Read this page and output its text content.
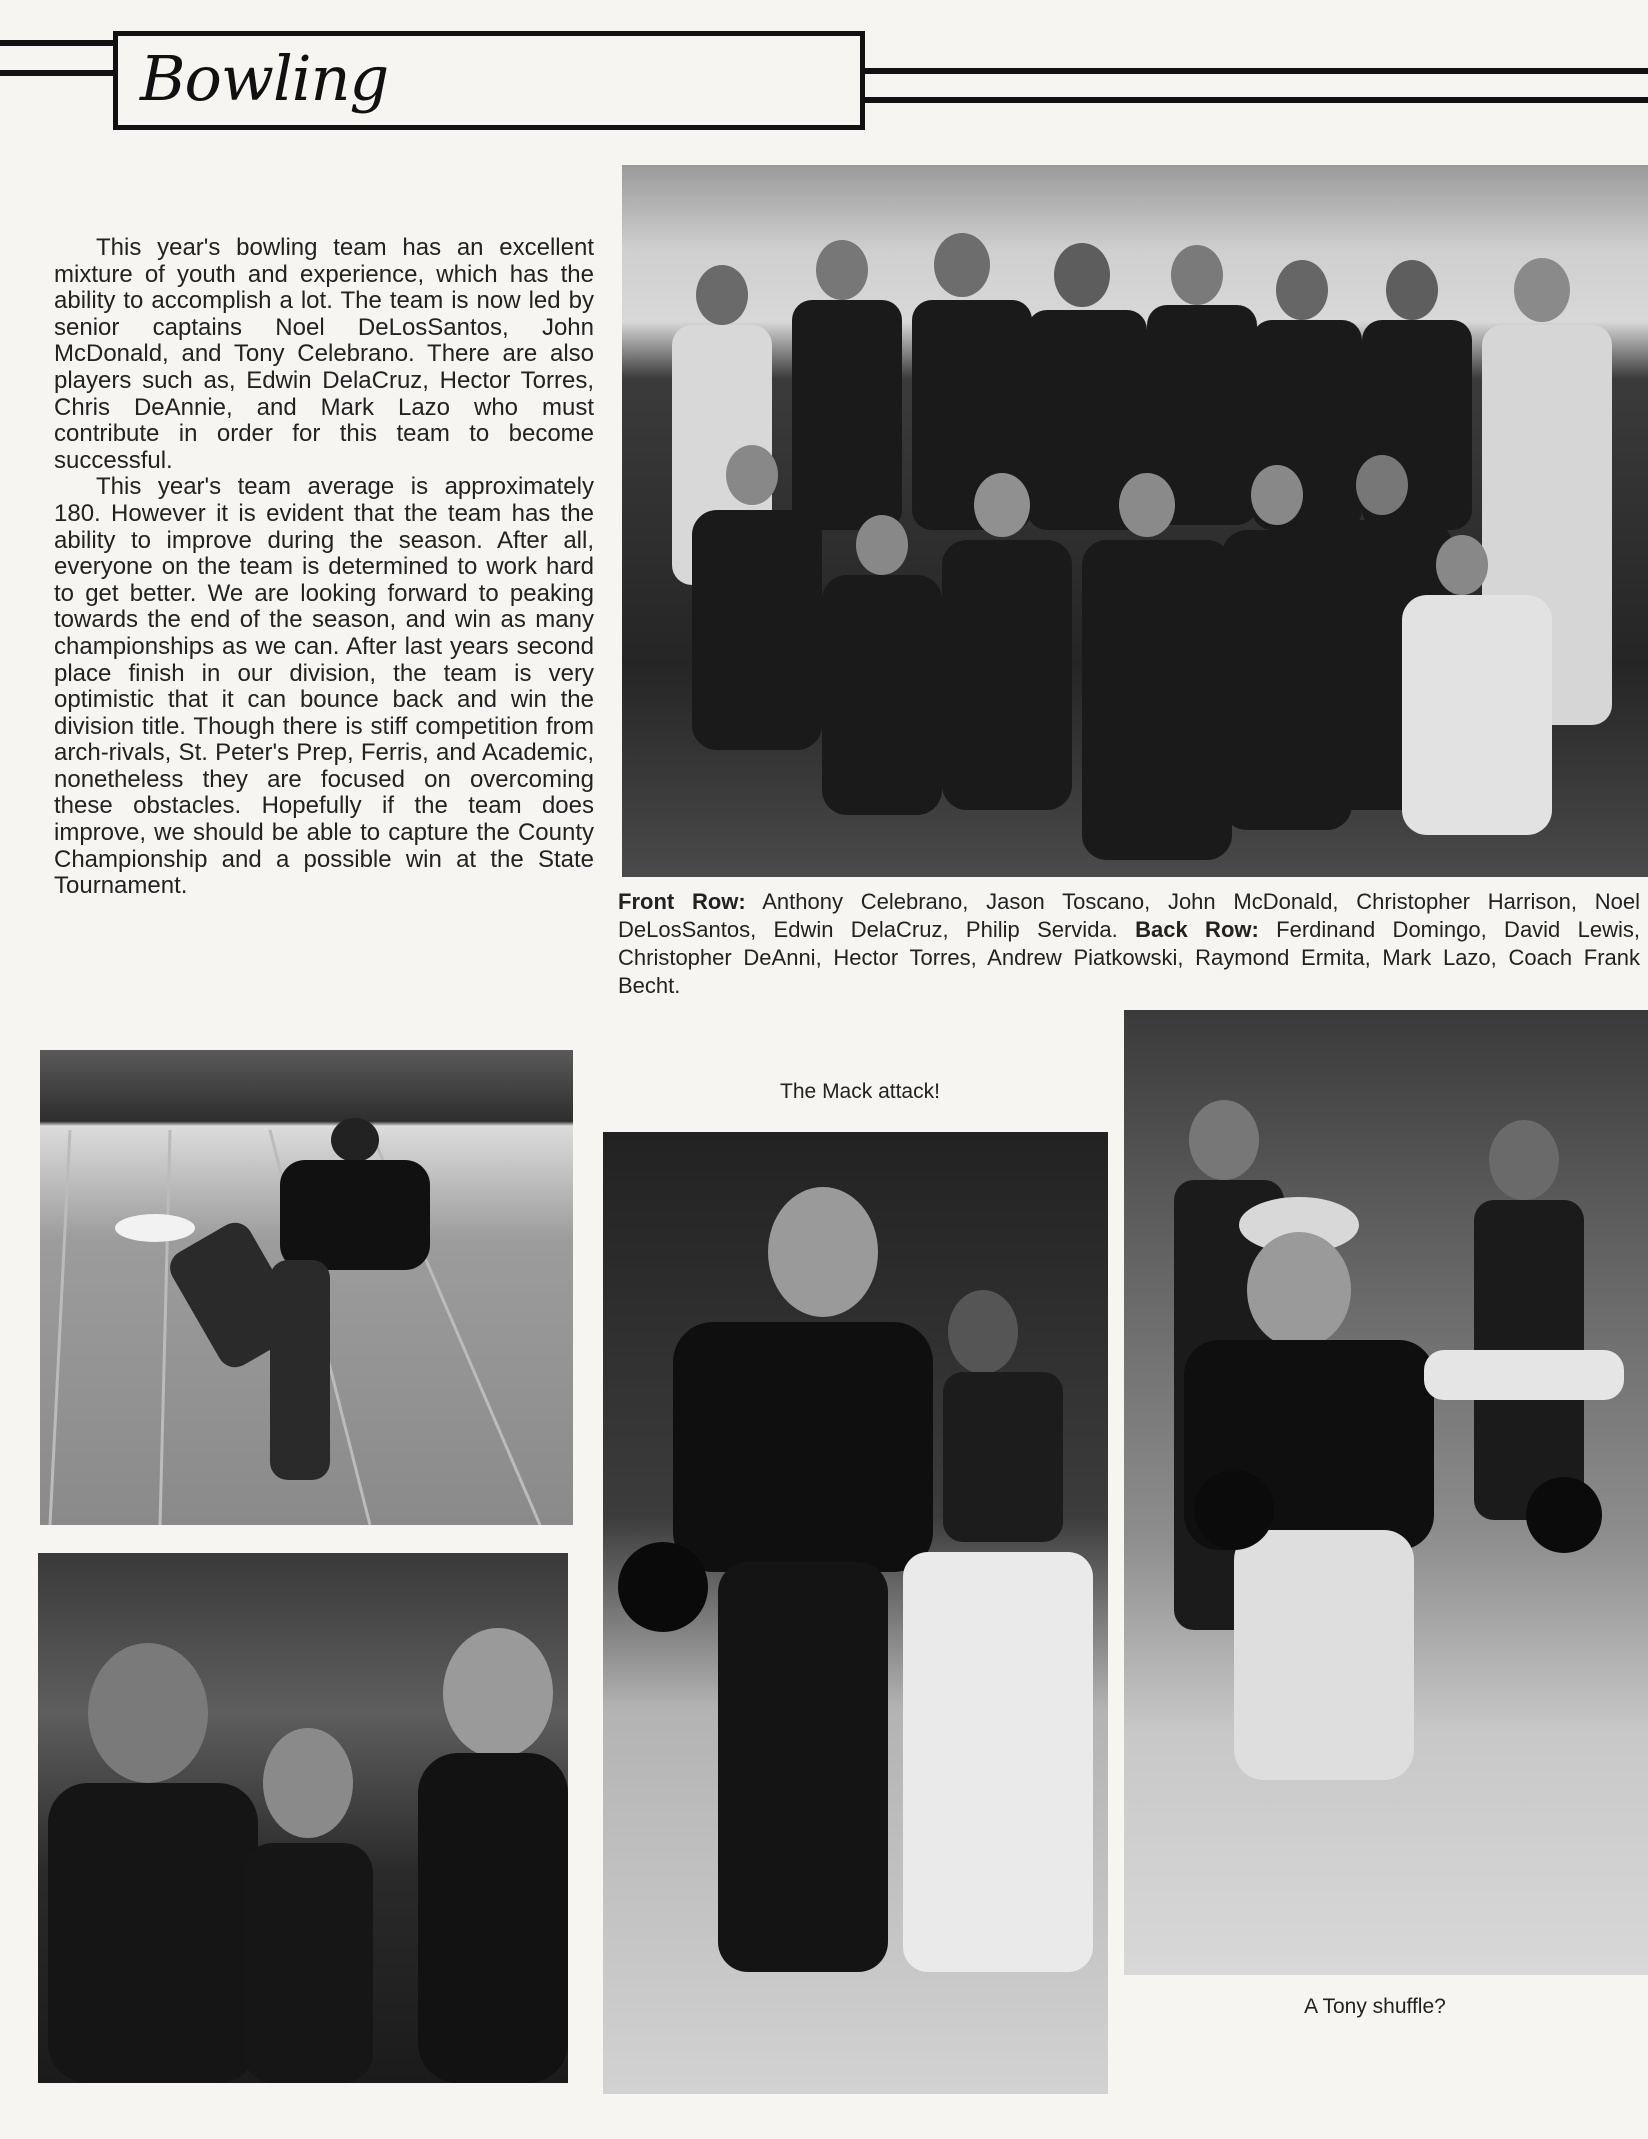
Bowling

This year's bowling team has an excellent mixture of youth and experience, which has the ability to accomplish a lot. The team is now led by senior captains Noel DeLosSantos, John McDonald, and Tony Celebrano. There are also players such as, Edwin DelaCruz, Hector Torres, Chris DeAnnie, and Mark Lazo who must contribute in order for this team to become successful.

This year's team average is approximately 180. However it is evident that the team has the ability to improve during the season. After all, everyone on the team is determined to work hard to get better. We are looking forward to peaking towards the end of the season, and win as many championships as we can. After last years second place finish in our division, the team is very optimistic that it can bounce back and win the division title. Though there is stiff competition from arch-rivals, St. Peter's Prep, Ferris, and Academic, nonetheless they are focused on overcoming these obstacles. Hopefully if the team does improve, we should be able to capture the County Championship and a possible win at the State Tournament.

Front Row: Anthony Celebrano, Jason Toscano, John McDonald, Christopher Harrison, Noel DeLosSantos, Edwin DelaCruz, Philip Servida. Back Row: Ferdinand Domingo, David Lewis, Christopher DeAnni, Hector Torres, Andrew Piatkowski, Raymond Ermita, Mark Lazo, Coach Frank Becht.
The Mack attack!
A Tony shuffle?
